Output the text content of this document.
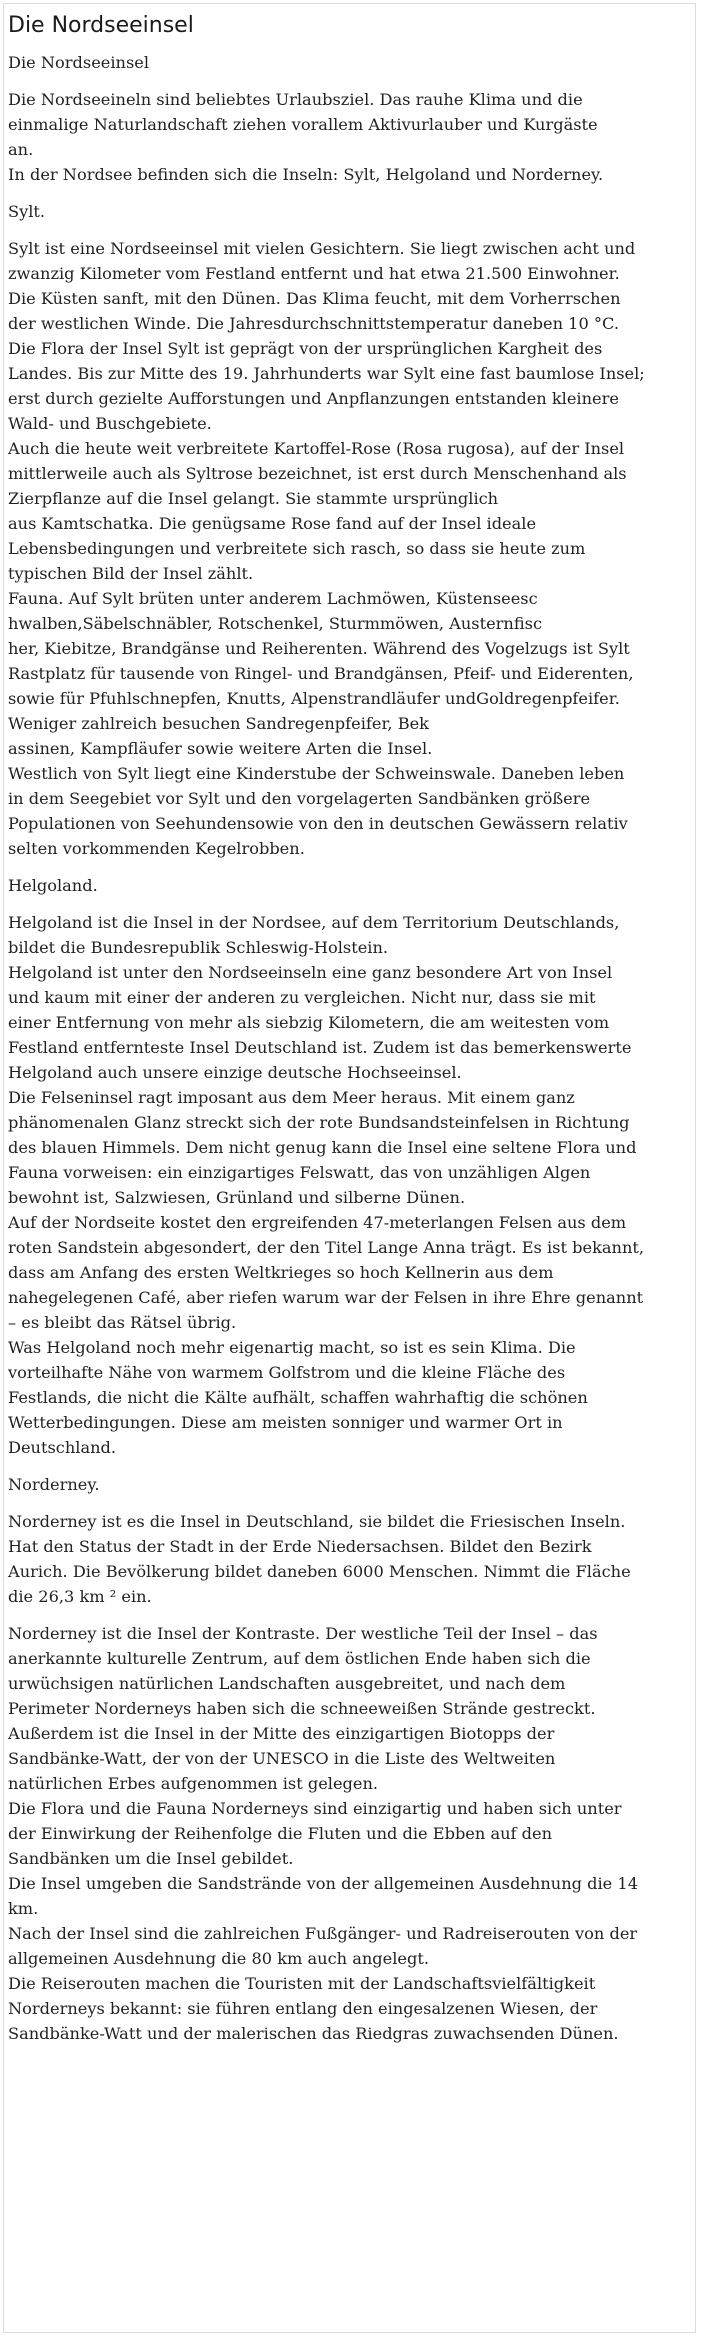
Die Nordseeinsel
Die Nordseeinsel
Die Nordseeineln sind beliebtes Urlaubsziel. Das rauhe Klima und die
einmalige Naturlandschaft ziehen vorallem Aktivurlauber und Kurgäste
an.
In der Nordsee befinden sich die Inseln: Sylt, Helgoland und Norderney.
Sylt.
Sylt ist eine Nordseeinsel mit vielen Gesichtern. Sie liegt zwischen acht und
zwanzig Kilometer vom Festland entfernt und hat etwa 21.500 Einwohner.
Die Küsten sanft, mit den Dünen. Das Klima feucht, mit dem Vorherrschen
der westlichen Winde. Die Jahresdurchschnittstemperatur daneben 10 °C.
Die Flora der Insel Sylt ist geprägt von der ursprünglichen Kargheit des
Landes. Bis zur Mitte des 19. Jahrhunderts war Sylt eine fast baumlose Insel;
erst durch gezielte Aufforstungen und Anpflanzungen entstanden kleinere
Wald- und Buschgebiete.
Auch die heute weit verbreitete Kartoffel-Rose (Rosa rugosa), auf der Insel
mittlerweile auch als Syltrose bezeichnet, ist erst durch Menschenhand als
Zierpflanze auf die Insel gelangt. Sie stammte ursprünglich
aus Kamtschatka. Die genügsame Rose fand auf der Insel ideale
Lebensbedingungen und verbreitete sich rasch, so dass sie heute zum
typischen Bild der Insel zählt.
Fauna. Auf Sylt brüten unter anderem Lachmöwen, Küstenseesc
hwalben,Säbelschnäbler, Rotschenkel, Sturmmöwen, Austernfisc
her, Kiebitze, Brandgänse und Reiherenten. Während des Vogelzugs ist Sylt
Rastplatz für tausende von Ringel- und Brandgänsen, Pfeif- und Eiderenten,
sowie für Pfuhlschnepfen, Knutts, Alpenstrandläufer undGoldregenpfeifer.
Weniger zahlreich besuchen Sandregenpfeifer, Bek
assinen, Kampfläufer sowie weitere Arten die Insel.
Westlich von Sylt liegt eine Kinderstube der Schweinswale. Daneben leben
in dem Seegebiet vor Sylt und den vorgelagerten Sandbänken größere
Populationen von Seehundensowie von den in deutschen Gewässern relativ
selten vorkommenden Kegelrobben.
Helgoland.
Helgoland ist die Insel in der Nordsee, auf dem Territorium Deutschlands,
bildet die Bundesrepublik Schleswig-Holstein.
Helgoland ist unter den Nordseeinseln eine ganz besondere Art von Insel
und kaum mit einer der anderen zu vergleichen. Nicht nur, dass sie mit
einer Entfernung von mehr als siebzig Kilometern, die am weitesten vom
Festland entfernteste Insel Deutschland ist. Zudem ist das bemerkenswerte
Helgoland auch unsere einzige deutsche Hochseeinsel.
Die Felseninsel ragt imposant aus dem Meer heraus. Mit einem ganz
phänomenalen Glanz streckt sich der rote Bundsandsteinfelsen in Richtung
des blauen Himmels. Dem nicht genug kann die Insel eine seltene Flora und
Fauna vorweisen: ein einzigartiges Felswatt, das von unzähligen Algen
bewohnt ist, Salzwiesen, Grünland und silberne Dünen.
Auf der Nordseite kostet den ergreifenden 47-meterlangen Felsen aus dem
roten Sandstein abgesondert, der den Titel Lange Anna trägt. Es ist bekannt,
dass am Anfang des ersten Weltkrieges so hoch Kellnerin aus dem
nahegelegenen Café, aber riefen warum war der Felsen in ihre Ehre genannt
– es bleibt das Rätsel übrig.
Was Helgoland noch mehr eigenartig macht, so ist es sein Klima. Die
vorteilhafte Nähe von warmem Golfstrom und die kleine Fläche des
Festlands, die nicht die Kälte aufhält, schaffen wahrhaftig die schönen
Wetterbedingungen. Diese am meisten sonniger und warmer Ort in
Deutschland.
Norderney.
Norderney ist es die Insel in Deutschland, sie bildet die Friesischen Inseln.
Hat den Status der Stadt in der Erde Niedersachsen. Bildet den Bezirk
Aurich. Die Bevölkerung bildet daneben 6000 Menschen. Nimmt die Fläche
die 26,3 km ² ein.
Norderney ist die Insel der Kontraste. Der westliche Teil der Insel – das
anerkannte kulturelle Zentrum, auf dem östlichen Ende haben sich die
urwüchsigen natürlichen Landschaften ausgebreitet, und nach dem
Perimeter Norderneys haben sich die schneeweißen Strände gestreckt.
Außerdem ist die Insel in der Mitte des einzigartigen Biotopps der
Sandbänke-Watt, der von der UNESCO in die Liste des Weltweiten
natürlichen Erbes aufgenommen ist gelegen.
Die Flora und die Fauna Norderneys sind einzigartig und haben sich unter
der Einwirkung der Reihenfolge die Fluten und die Ebben auf den
Sandbänken um die Insel gebildet.
Die Insel umgeben die Sandstrände von der allgemeinen Ausdehnung die 14
km.
Nach der Insel sind die zahlreichen Fußgänger- und Radreiserouten von der
allgemeinen Ausdehnung die 80 km auch angelegt.
Die Reiserouten machen die Touristen mit der Landschaftsvielfältigkeit
Norderneys bekannt: sie führen entlang den eingesalzenen Wiesen, der
Sandbänke-Watt und der malerischen das Riedgras zuwachsenden Dünen.
